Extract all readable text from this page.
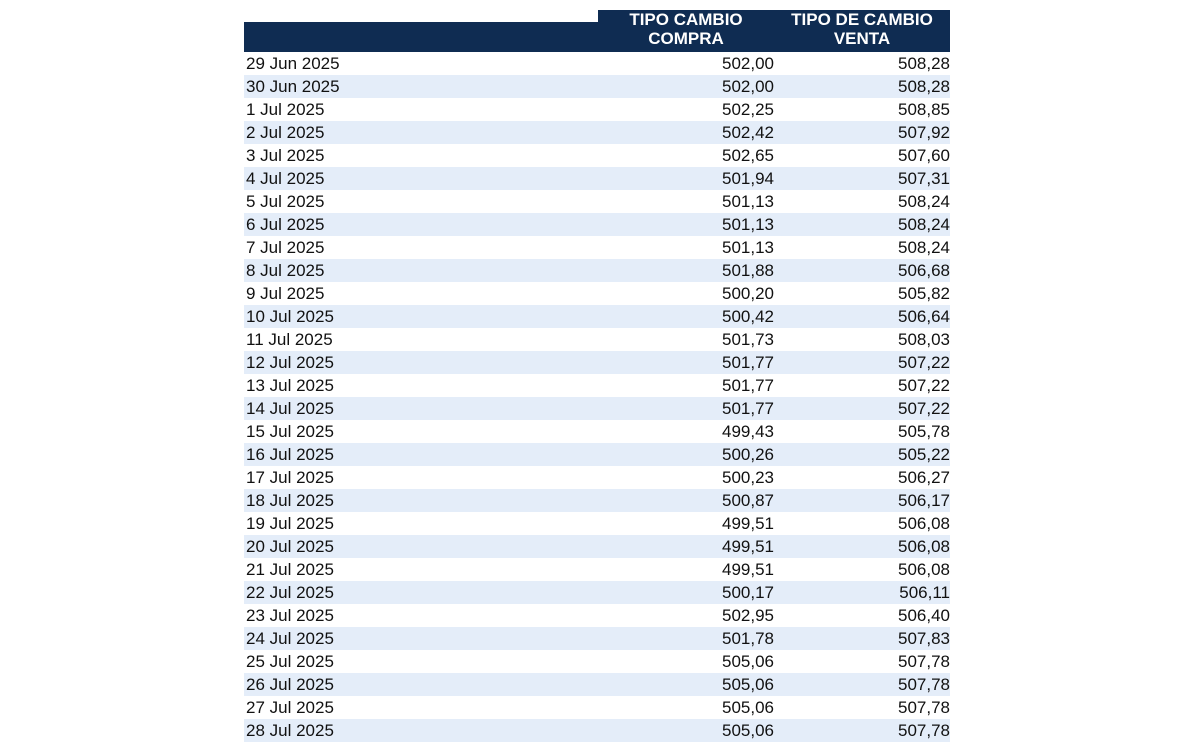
TIPO CAMBIO
COMPRA
TIPO DE CAMBIO
VENTA
29 Jun 2025	502,00	508,28
30 Jun 2025	502,00	508,28
1 Jul 2025	502,25	508,85
2 Jul 2025	502,42	507,92
3 Jul 2025	502,65	507,60
4 Jul 2025	501,94	507,31
5 Jul 2025	501,13	508,24
6 Jul 2025	501,13	508,24
7 Jul 2025	501,13	508,24
8 Jul 2025	501,88	506,68
9 Jul 2025	500,20	505,82
10 Jul 2025	500,42	506,64
11 Jul 2025	501,73	508,03
12 Jul 2025	501,77	507,22
13 Jul 2025	501,77	507,22
14 Jul 2025	501,77	507,22
15 Jul 2025	499,43	505,78
16 Jul 2025	500,26	505,22
17 Jul 2025	500,23	506,27
18 Jul 2025	500,87	506,17
19 Jul 2025	499,51	506,08
20 Jul 2025	499,51	506,08
21 Jul 2025	499,51	506,08
22 Jul 2025	500,17	506,11
23 Jul 2025	502,95	506,40
24 Jul 2025	501,78	507,83
25 Jul 2025	505,06	507,78
26 Jul 2025	505,06	507,78
27 Jul 2025	505,06	507,78
28 Jul 2025	505,06	507,78
